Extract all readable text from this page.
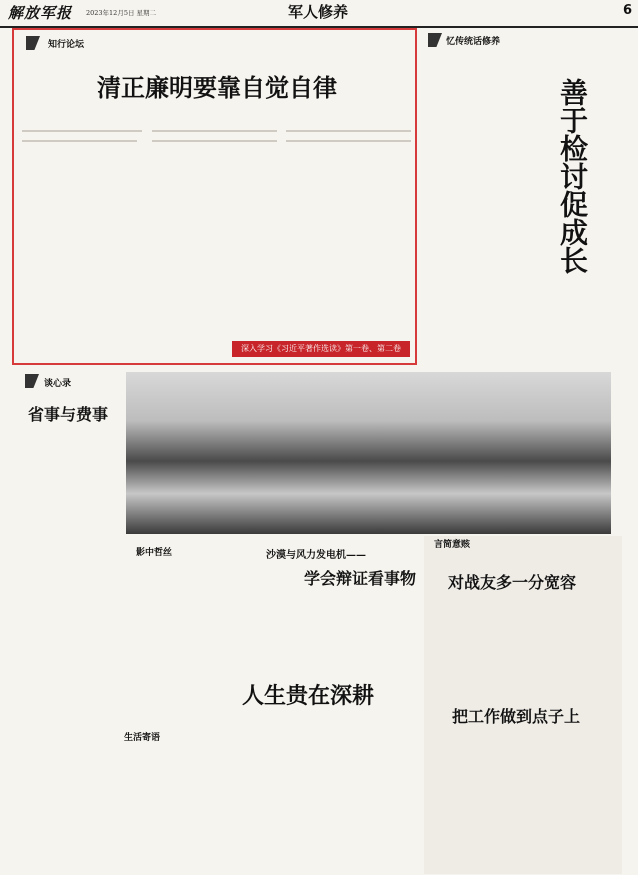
解放军报 2023年12月5日 星期二	军人修养	6
知行论坛
清正廉明要靠自觉自律
深入学习《习近平著作选读》第一卷、第二卷
忆传统话修养
善于检讨促成长
谈心录
省事与费事
影中哲丝	沙漠与风力发电机——
学会辩证看事物
人生贵在深耕
生活寄语
言简意赅
对战友多一分宽容
把工作做到点子上
